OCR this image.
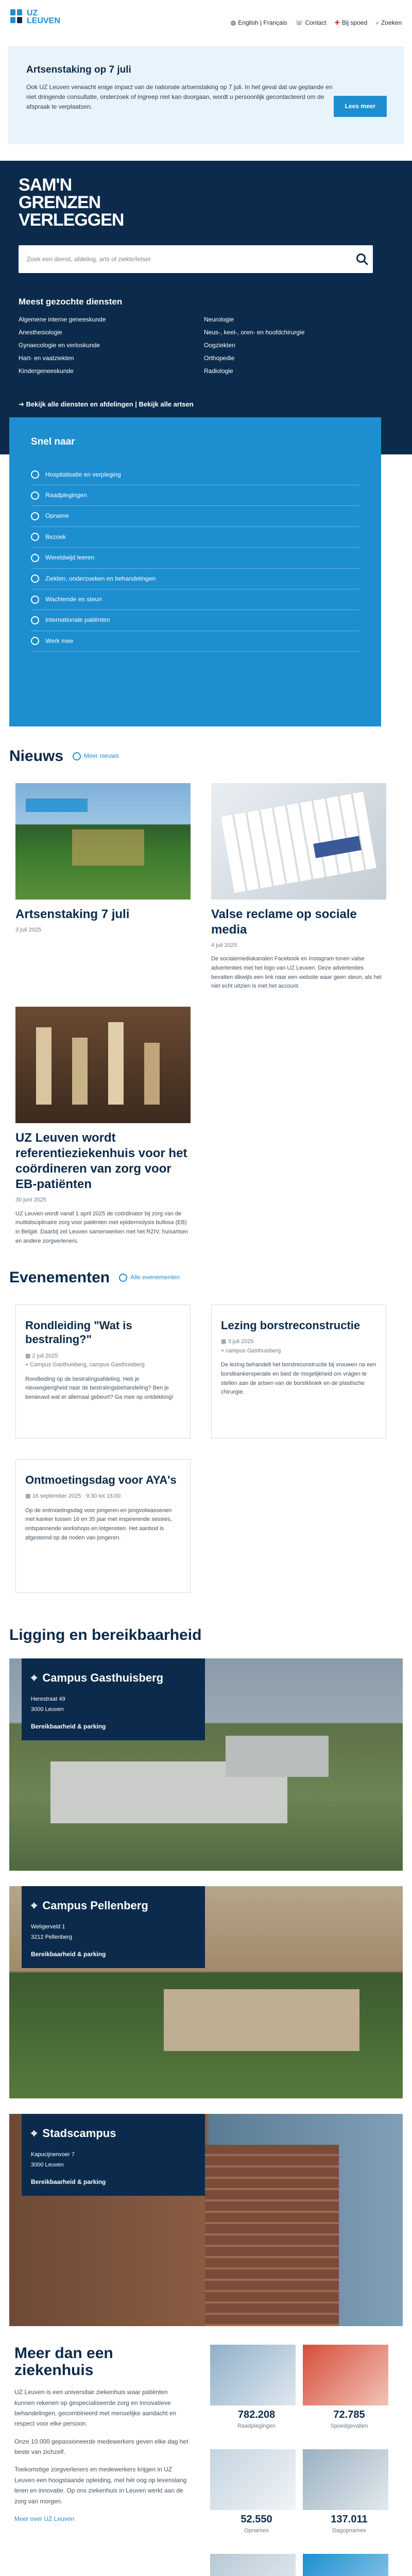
UZ
LEUVEN	◍ English | Français ☏ Contact ✚ Bij spoed ⌕ Zoeken
Artsenstaking op 7 juli

Ook UZ Leuven verwacht enige impact van de nationale artsenstaking op 7 juli. In het geval dat uw geplande en niet dringende consultatie, onderzoek of ingreep niet kan doorgaan, wordt u persoonlijk gecontacteerd om de afspraak te verplaatsen.	Lees meer
SAM'N
GRENZEN
VERLEGGEN
Zoek een dienst, afdeling, arts of ziekte/letsel
Meest gezochte diensten
Algemene interne geneeskunde	Neurologie
Anesthesiologie	Neus-, keel-, oren- en hoofdchirurgie
Gynaecologie en verloskunde	Oogziekten
Hart- en vaatziekten	Orthopedie
Kindergeneeskunde	Radiologie
➔ Bekijk alle diensten en afdelingen | Bekijk alle artsen
Snel naar
Hospitalisatie en verpleging
Raadplegingen
Opname
Bezoek
Wereldwijd leeren
Ziekten, onderzoeken en behandelingen
Wachtende en steun
Internationale patiënten
Werk mee
Nieuws	Meer nieuws
Artsenstaking 7 juli
3 juli 2025
Valse reclame op sociale media
4 juli 2025

De socialemediakanalen Facebook en Instagram tonen valse advertenties met het logo van UZ Leuven. Deze advertenties bevatten dikwijls een link naar een website waar geen steun, als het niet echt uitzien is met het account.

UZ Leuven wordt referentieziekenhuis voor het coördineren van zorg voor EB-patiënten
30 juni 2025

UZ Leuven wordt vanaf 1 april 2025 de coördinator bij zorg van de multidisciplinaire zorg voor patiënten met epidermolysis bullosa (EB) in België. Daarbij zet Leuven samenwerken met het RZIV, huisartsen en andere zorgverleners.

Evenementen	Alle evenementen
Rondleiding "Wat is bestraling?"
▦ 2 juli 2025
⌖ Campus Gasthuisberg, campus Gasthuisberg

Rondleiding op de bestralingsafdeling. Heb je nieuwsgierigheid naar de bestralingsbehandeling? Ben je benieuwd wat er allemaal gebeurt? Ga mee op ontdekking!

Lezing borstreconstructie
▦ 3 juli 2025
⌖ campus Gasthuisberg

De lezing behandelt het borstreconstructie bij vrouwen na een borstkankeroperatie en bied de mogelijkheid om vragen te stellen aan de artsen van de borstkliniek en de plastische chirurgie.

Ontmoetingsdag voor AYA's
▦ 16 september 2025 · 9:30 tot 16:00

Op de ontmoetingsdag voor jongeren en jongvolwassenen met kanker tussen 16 en 35 jaar met inspirerende sessies, ontspannende workshops en lotgenoten. Het aanbod is afgestemd op de noden van jongeren.

Ligging en bereikbaarheid
⌖ Campus Gasthuisberg

Herestraat 49
3000 Leuven

Bereikbaarheid & parking
⌖ Campus Pellenberg

Weligerveld 1
3212 Pellenberg

Bereikbaarheid & parking
⌖ Stadscampus

Kapucijnenvoer 7
3000 Leuven

Bereikbaarheid & parking
Meer dan een
ziekenhuis

UZ Leuven is een universitair ziekenhuis waar patiënten kunnen rekenen op gespecialiseerde zorg en innovatieve behandelingen, gecombineerd met menselijke aandacht en respect voor elke persoon.

Onze 10.000 gepassioneerde medewerkers geven elke dag het beste van zichzelf.

Toekomstige zorgverleners en medewerkers krijgen in UZ Leuven een hoogstaande opleiding, met hét oog op levenslang leren en innovatie. Op ons ziekenhuis in Leuven werkt aan de zorg van morgen.

Meer over UZ Leuven
782.208
Raadplegingen
72.785
Spoedgevallen
52.550
Opnames
137.011
Dagopnames
